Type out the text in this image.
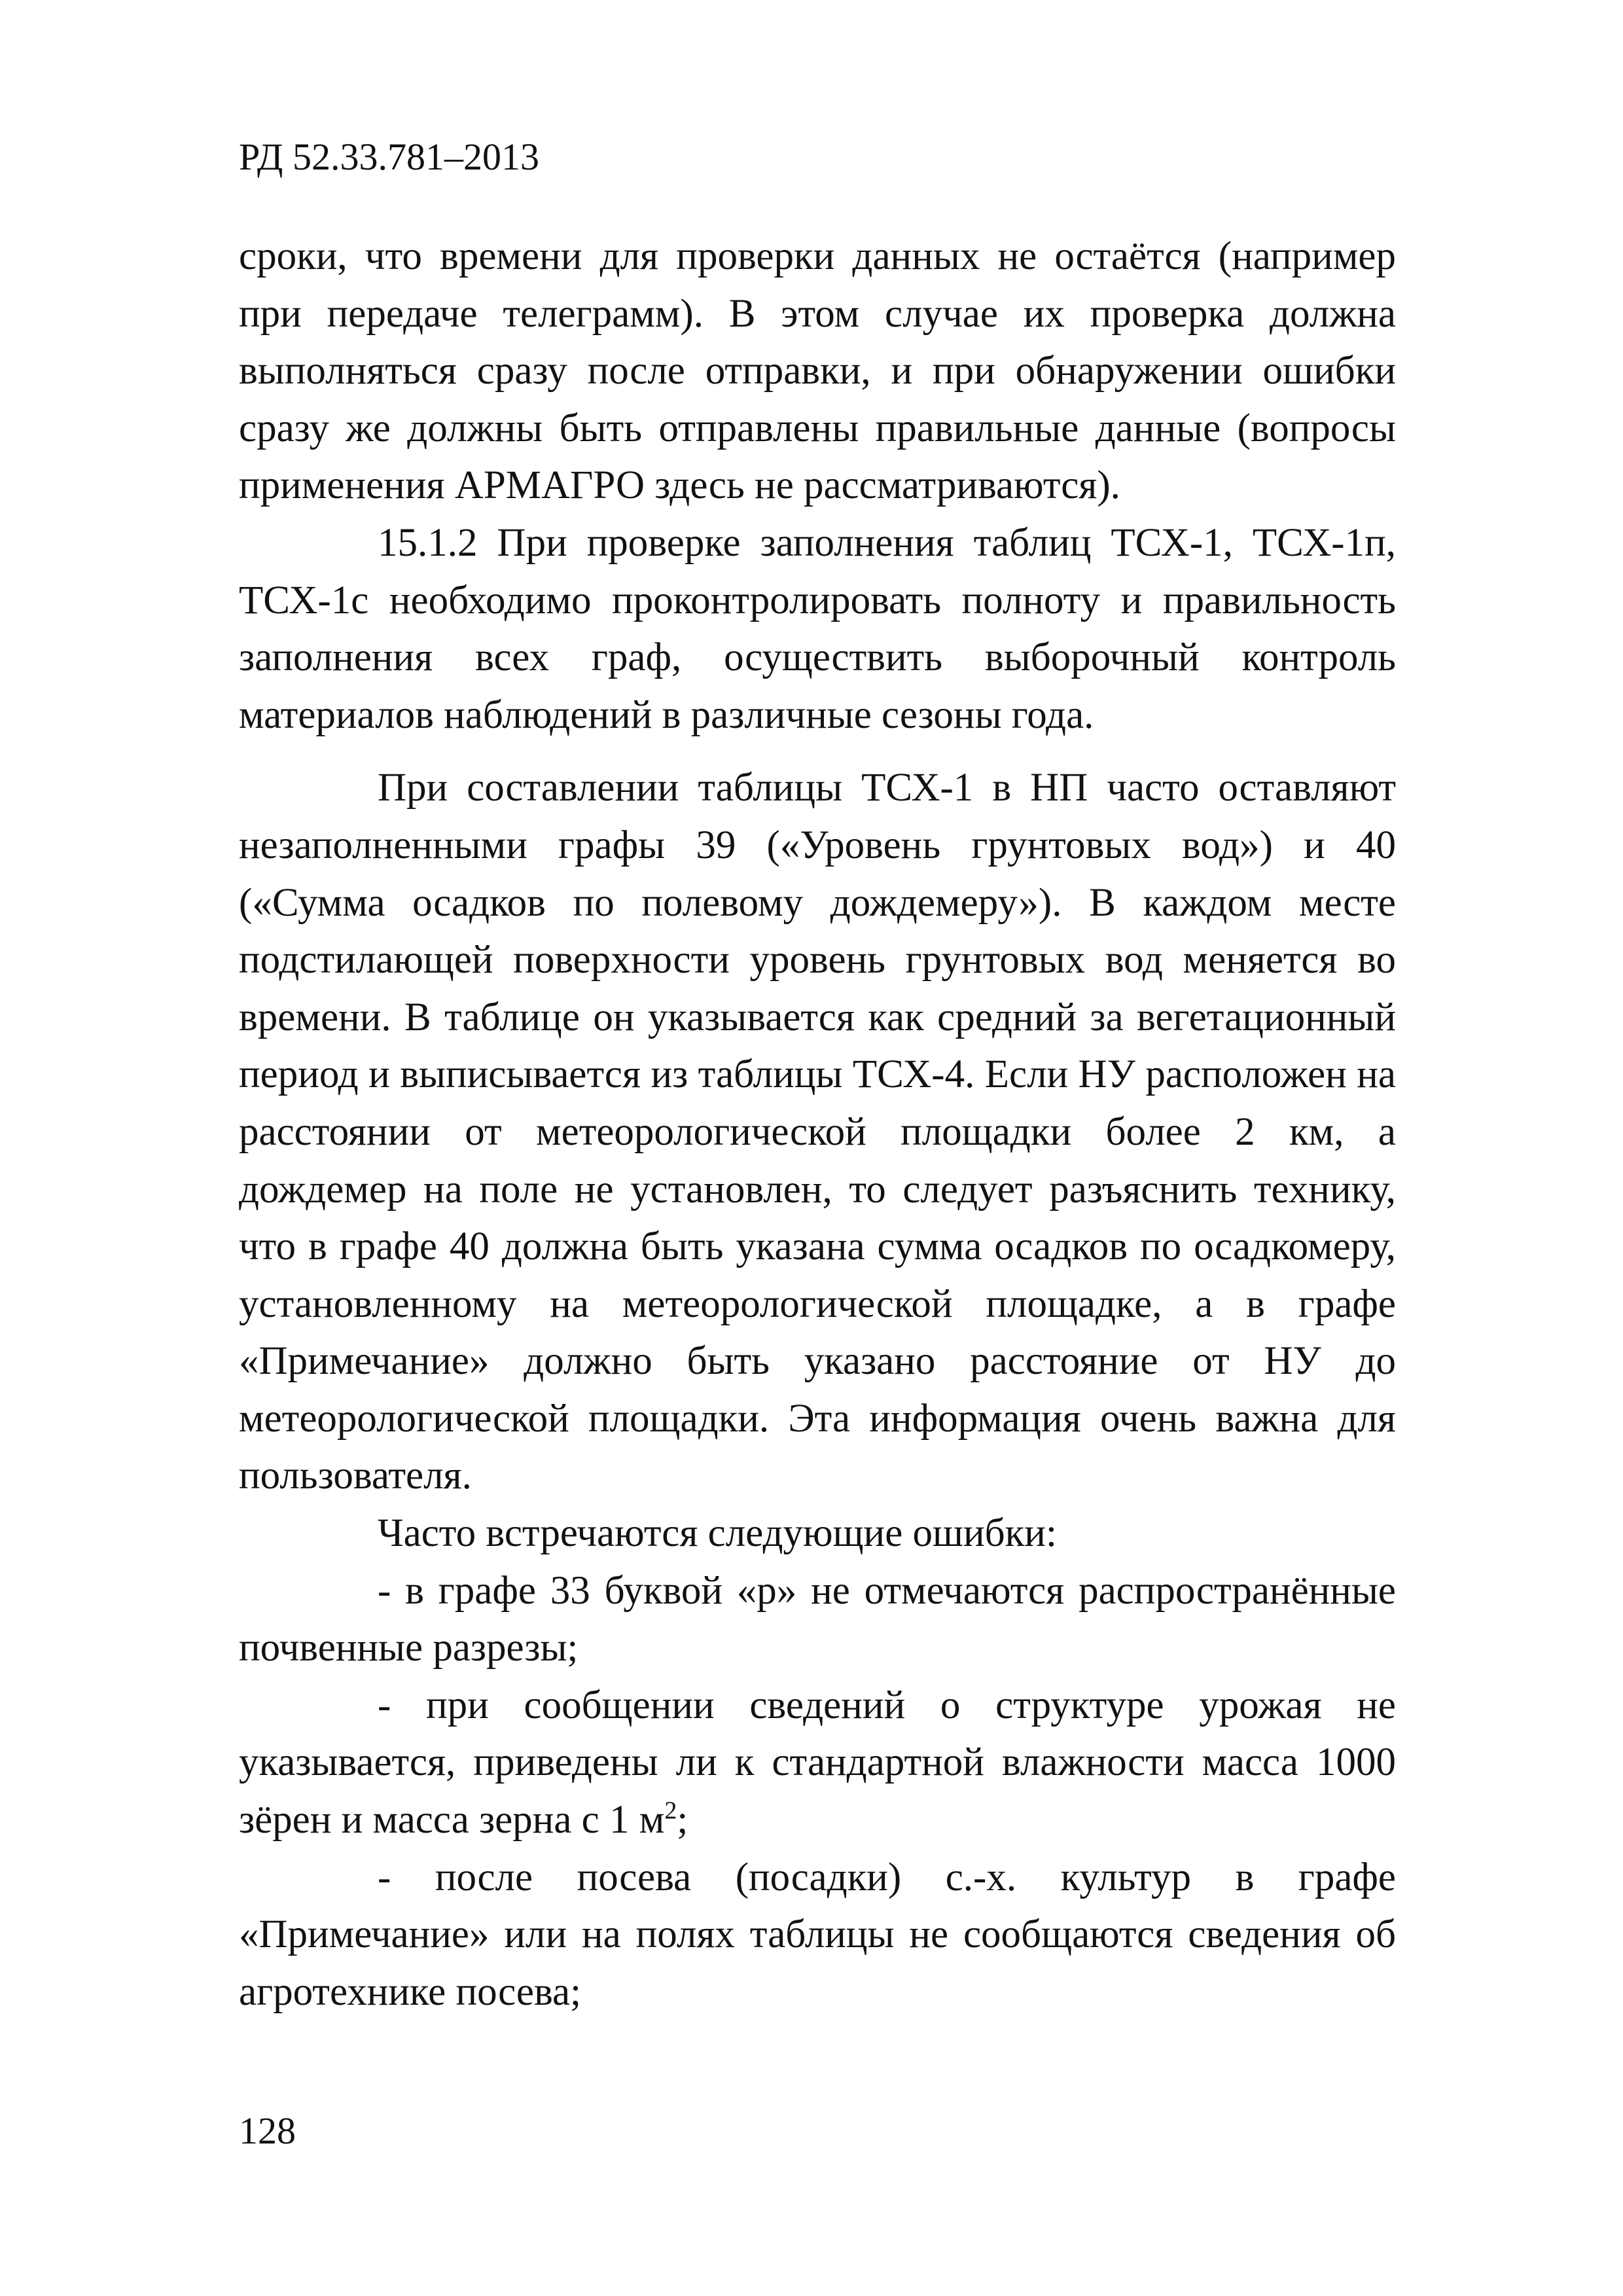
РД 52.33.781–2013

сроки, что времени для проверки данных не остаётся (например при передаче телеграмм). В этом случае их проверка должна выполняться сразу после отправки, и при обнаружении ошибки сразу же должны быть отправлены правильные данные (вопросы применения АРМАГРО здесь не рассматриваются).

15.1.2 При проверке заполнения таблиц ТСХ-1, ТСХ-1п, ТСХ-1с необходимо проконтролировать полноту и правильность заполнения всех граф, осуществить выборочный контроль материалов наблюдений в различные сезоны года.

При составлении таблицы ТСХ-1 в НП часто оставляют незаполненными графы 39 («Уровень грунтовых вод») и 40 («Сумма осадков по полевому дождемеру»). В каждом месте подстилающей поверхности уровень грунтовых вод меняется во времени. В таблице он указывается как средний за вегетационный период и выписывается из таблицы ТСХ-4. Если НУ расположен на расстоянии от метеорологической площадки более 2 км, а дождемер на поле не установлен, то следует разъяснить технику, что в графе 40 должна быть указана сумма осадков по осадкомеру, установленному на метеорологической площадке, а в графе «Примечание» должно быть указано расстояние от НУ до метеорологической площадки. Эта информация очень важна для пользователя.

Часто встречаются следующие ошибки:

- в графе 33 буквой «р» не отмечаются распространённые почвенные разрезы;

- при сообщении сведений о структуре урожая не указывается, приведены ли к стандартной влажности масса 1000 зёрен и масса зерна с 1 $м^2$;

- после посева (посадки) с.-х. культур в графе «Примечание» или на полях таблицы не сообщаются сведения об агротехнике посева;

128
